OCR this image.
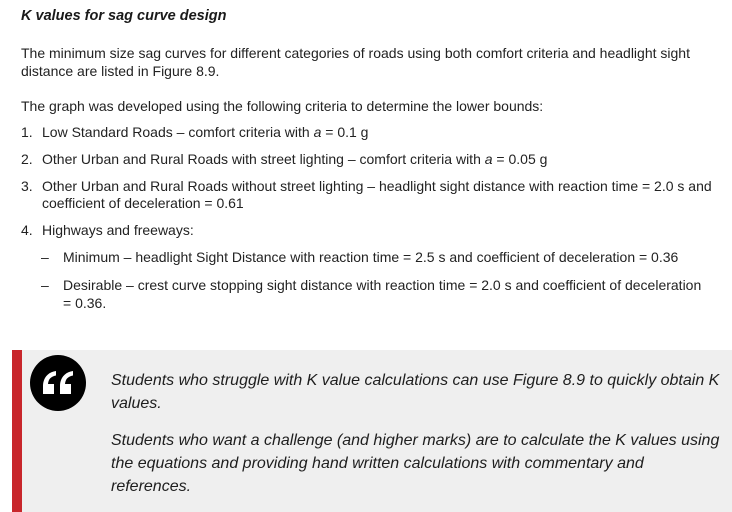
K values for sag curve design

The minimum size sag curves for different categories of roads using both comfort criteria and headlight sight distance are listed in Figure 8.9.

The graph was developed using the following criteria to determine the lower bounds:

1. Low Standard Roads – comfort criteria with a = 0.1 g
2. Other Urban and Rural Roads with street lighting – comfort criteria with a = 0.05 g
3. Other Urban and Rural Roads without street lighting – headlight sight distance with reaction time = 2.0 s and coefficient of deceleration = 0.61
4. Highways and freeways:
–	Minimum – headlight Sight Distance with reaction time = 2.5 s and coefficient of deceleration = 0.36
–	Desirable – crest curve stopping sight distance with reaction time = 2.0 s and coefficient of deceleration = 0.36.

Students who struggle with K value calculations can use Figure 8.9 to quickly obtain K values.

Students who want a challenge (and higher marks) are to calculate the K values using the equations and providing hand written calculations with commentary and references.
